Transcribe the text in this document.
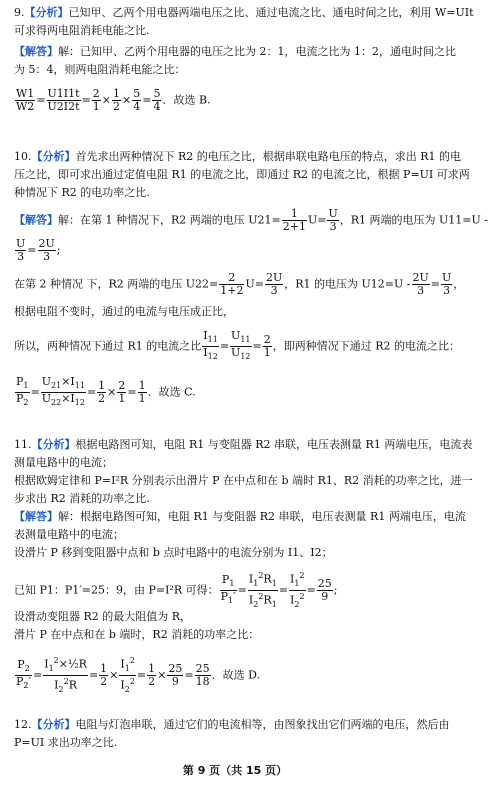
9.【分析】已知甲、乙两个用电器两端电压之比、通过电流之比、通电时间之比，利用 W=UIt
可求得两电阻消耗电能之比.
【解答】解：已知甲、乙两个用电器的电压之比为 2：1，电流之比为 1：2，通电时间之比
为 5：4，则两电阻消耗电能之比：
$\frac{W1}{W2} = \frac{U1I1t}{U2I2t} = \frac{2}{1} \times \frac{1}{2} \times \frac{5}{4} = \frac{5}{4}$ ．故选 B.
10.【分析】首先求出两种情况下 R2 的电压之比，根据串联电路电压的特点，求出 R1 的电
压之比，即可求出通过定值电阻 R1 的电流之比，即通过 R2 的电流之比，根据 P=UI 可求两
种情况下 R2 的电功率之比.
【解答】解：在第 1 种情况下，R2 两端的电压 $U21= \frac{1}{2+1} U= \frac{U}{3}$ ，R1 两端的电压为 U11=U -
$\frac{U}{3} = \frac{2U}{3}$ ;
在第 2 种情况 下，R2 两端的电压 $U22= \frac{2}{1+2} U= \frac{2U}{3}$ ，R1 的电压为 $U12=U - \frac{2U}{3} = \frac{U}{3}$ ，
根据电阻不变时，通过的电流与电压成正比，
所以，两种情况下通过 R1 的电流之比 $\frac{I_{11}}{I_{12}} = \frac{U_{11}}{U_{12}} = \frac{2}{1}$ ，即两种情况下通过 R2 的电流之比：
$\frac{P_1}{P_2} = \frac{U_{21}\times I_{11}}{U_{22}\times I_{12}} = \frac{1}{2} \times \frac{2}{1} = \frac{1}{1}$ ．故选 C.
11.【分析】根据电路图可知，电阻 R1 与变阻器 R2 串联，电压表测量 R1 两端电压，电流表
测量电路中的电流；
根据欧姆定律和 P=I²R 分别表示出滑片 P 在中点和在 b 端时 R1、R2 消耗的功率之比，进一
步求出 R2 消耗的功率之比.
【解答】解：根据电路图可知，电阻 R1 与变阻器 R2 串联，电压表测量 R1 两端电压，电流
表测量电路中的电流；
设滑片 P 移到变阻器中点和 b 点时电路中的电流分别为 I1、I2；
已知 P1：P1′=25：9，由 P=I²R 可得： $\frac{P_1}{P_1'} = \frac{I_1^2R_1}{I_2^2R_1} = \frac{I_1^2}{I_2^2} = \frac{25}{9}$ ;
设滑动变阻器 R2 的最大阻值为 R，
滑片 P 在中点和在 b 端时，R2 消耗的功率之比：
$\frac{P_2}{P_2'} = \frac{I_1^2\times\frac{1}{2}R}{I_2^2R} = \frac{1}{2} \times \frac{I_1^2}{I_2^2} = \frac{1}{2} \times \frac{25}{9} = \frac{25}{18}$ ．故选 D.
12.【分析】电阻与灯泡串联，通过它们的电流相等，由图象找出它们两端的电压，然后由
P=UI 求出功率之比.
第 9 页（共 15 页）
